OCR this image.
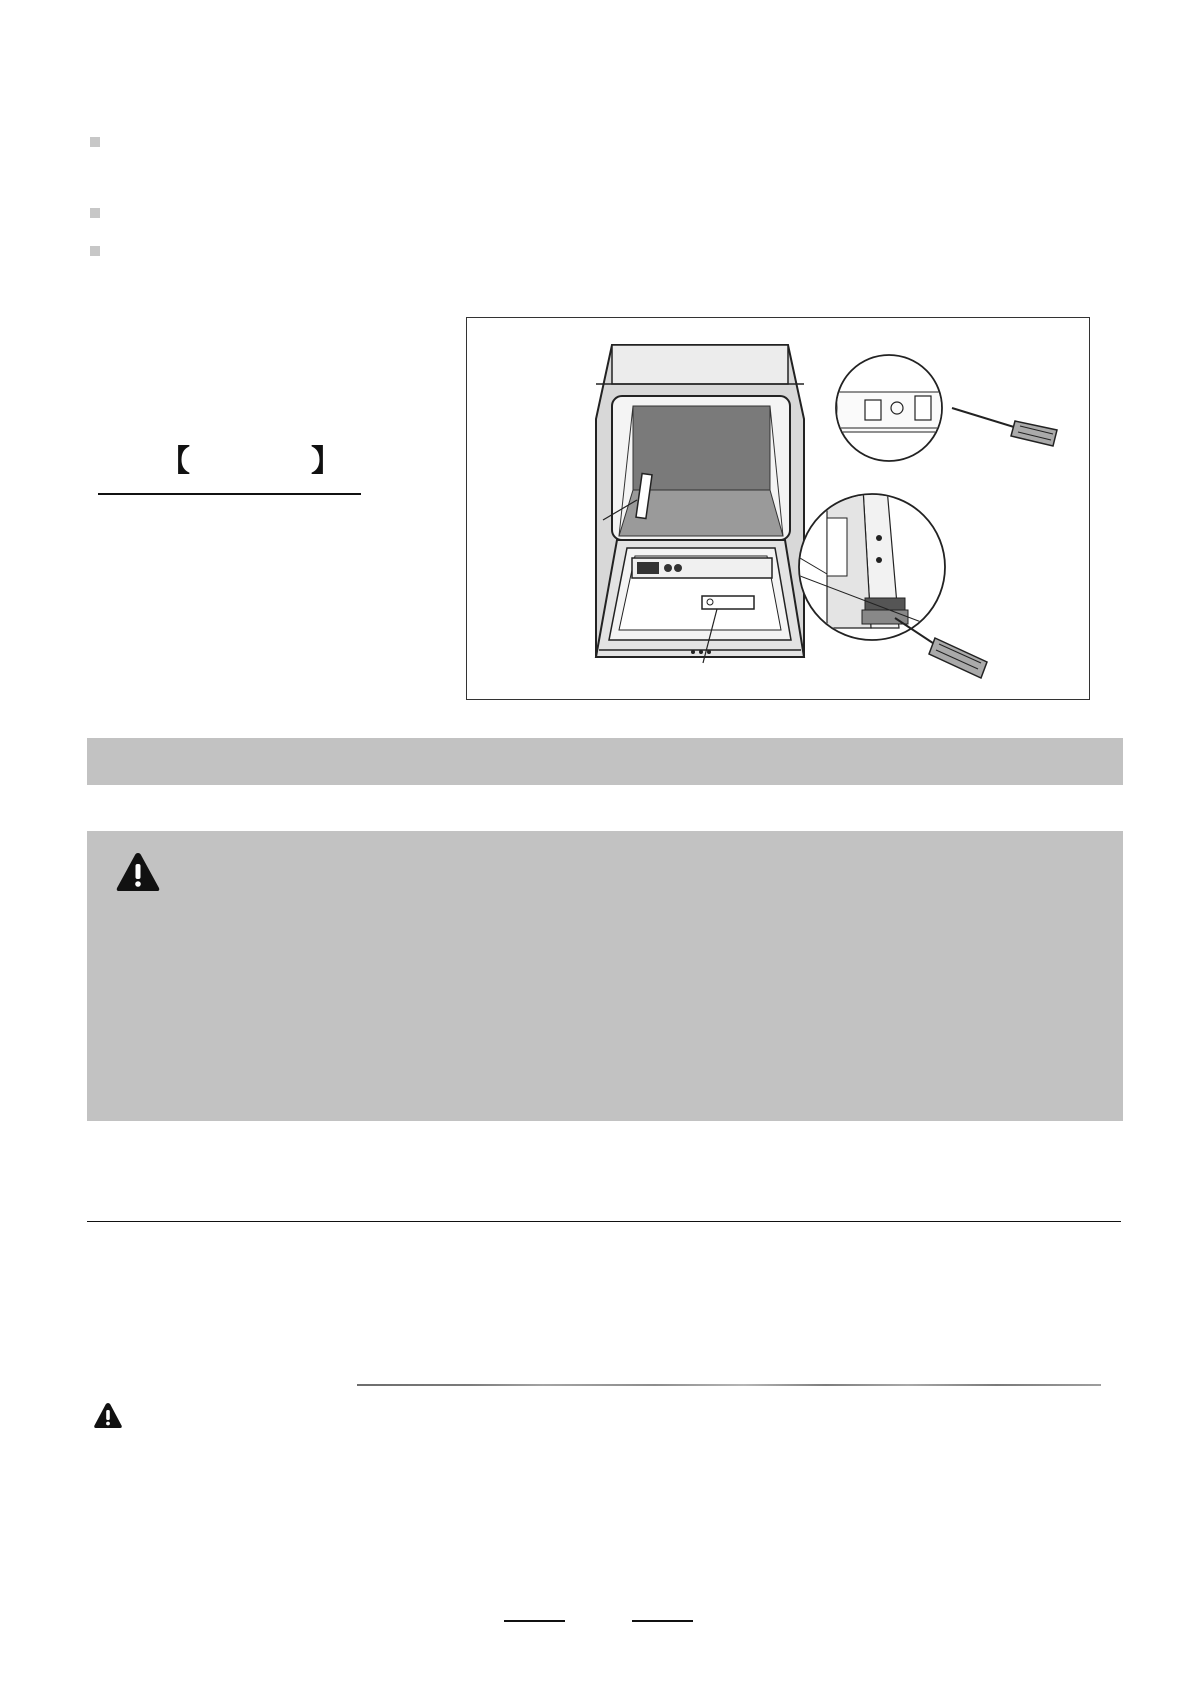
【	】
